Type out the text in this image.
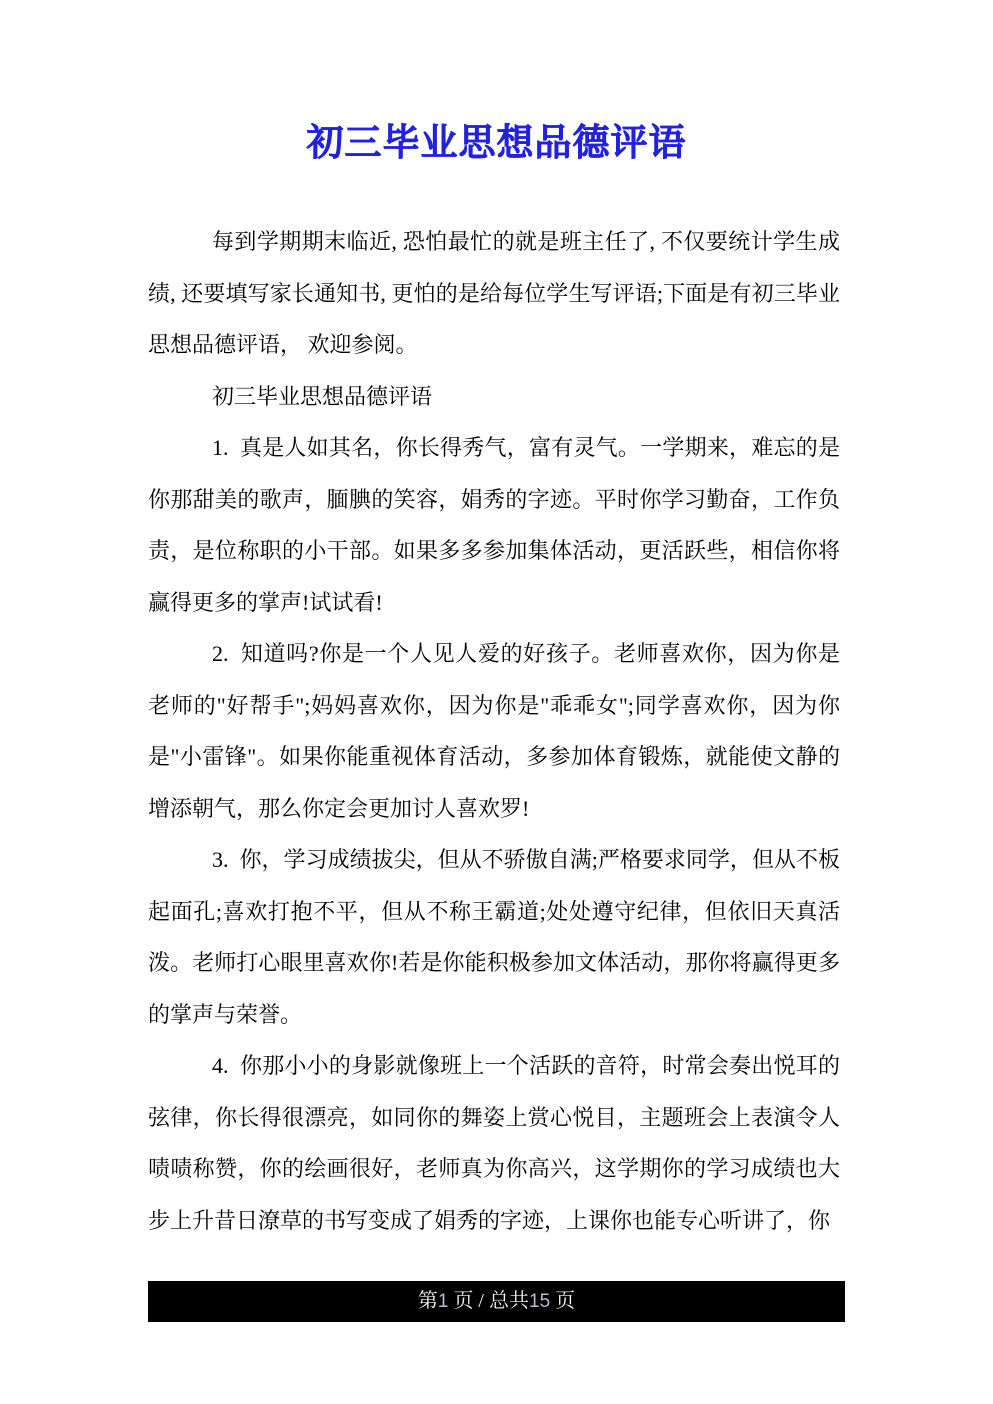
初三毕业思想品德评语

每到学期期末临近, 恐怕最忙的就是班主任了, 不仅要统计学生成绩, 还要填写家长通知书, 更怕的是给每位学生写评语;下面是有初三毕业思想品德评语， 欢迎参阅。

初三毕业思想品德评语

1.  真是人如其名，你长得秀气，富有灵气。一学期来，难忘的是你那甜美的歌声，腼腆的笑容，娟秀的字迹。平时你学习勤奋，工作负责，是位称职的小干部。如果多多参加集体活动，更活跃些，相信你将赢得更多的掌声!试试看!

2.  知道吗?你是一个人见人爱的好孩子。老师喜欢你，因为你是老师的"好帮手";妈妈喜欢你，因为你是"乖乖女";同学喜欢你，因为你是"小雷锋"。如果你能重视体育活动，多参加体育锻炼，就能使文静的增添朝气，那么你定会更加讨人喜欢罗!

3.  你，学习成绩拔尖，但从不骄傲自满;严格要求同学，但从不板起面孔;喜欢打抱不平，但从不称王霸道;处处遵守纪律，但依旧天真活泼。老师打心眼里喜欢你!若是你能积极参加文体活动，那你将赢得更多的掌声与荣誉。

4.  你那小小的身影就像班上一个活跃的音符，时常会奏出悦耳的弦律，你长得很漂亮，如同你的舞姿上赏心悦目，主题班会上表演令人啧啧称赞，你的绘画很好，老师真为你高兴，这学期你的学习成绩也大步上升昔日潦草的书写变成了娟秀的字迹，上课你也能专心听讲了，你

第1 页 / 总共15 页
